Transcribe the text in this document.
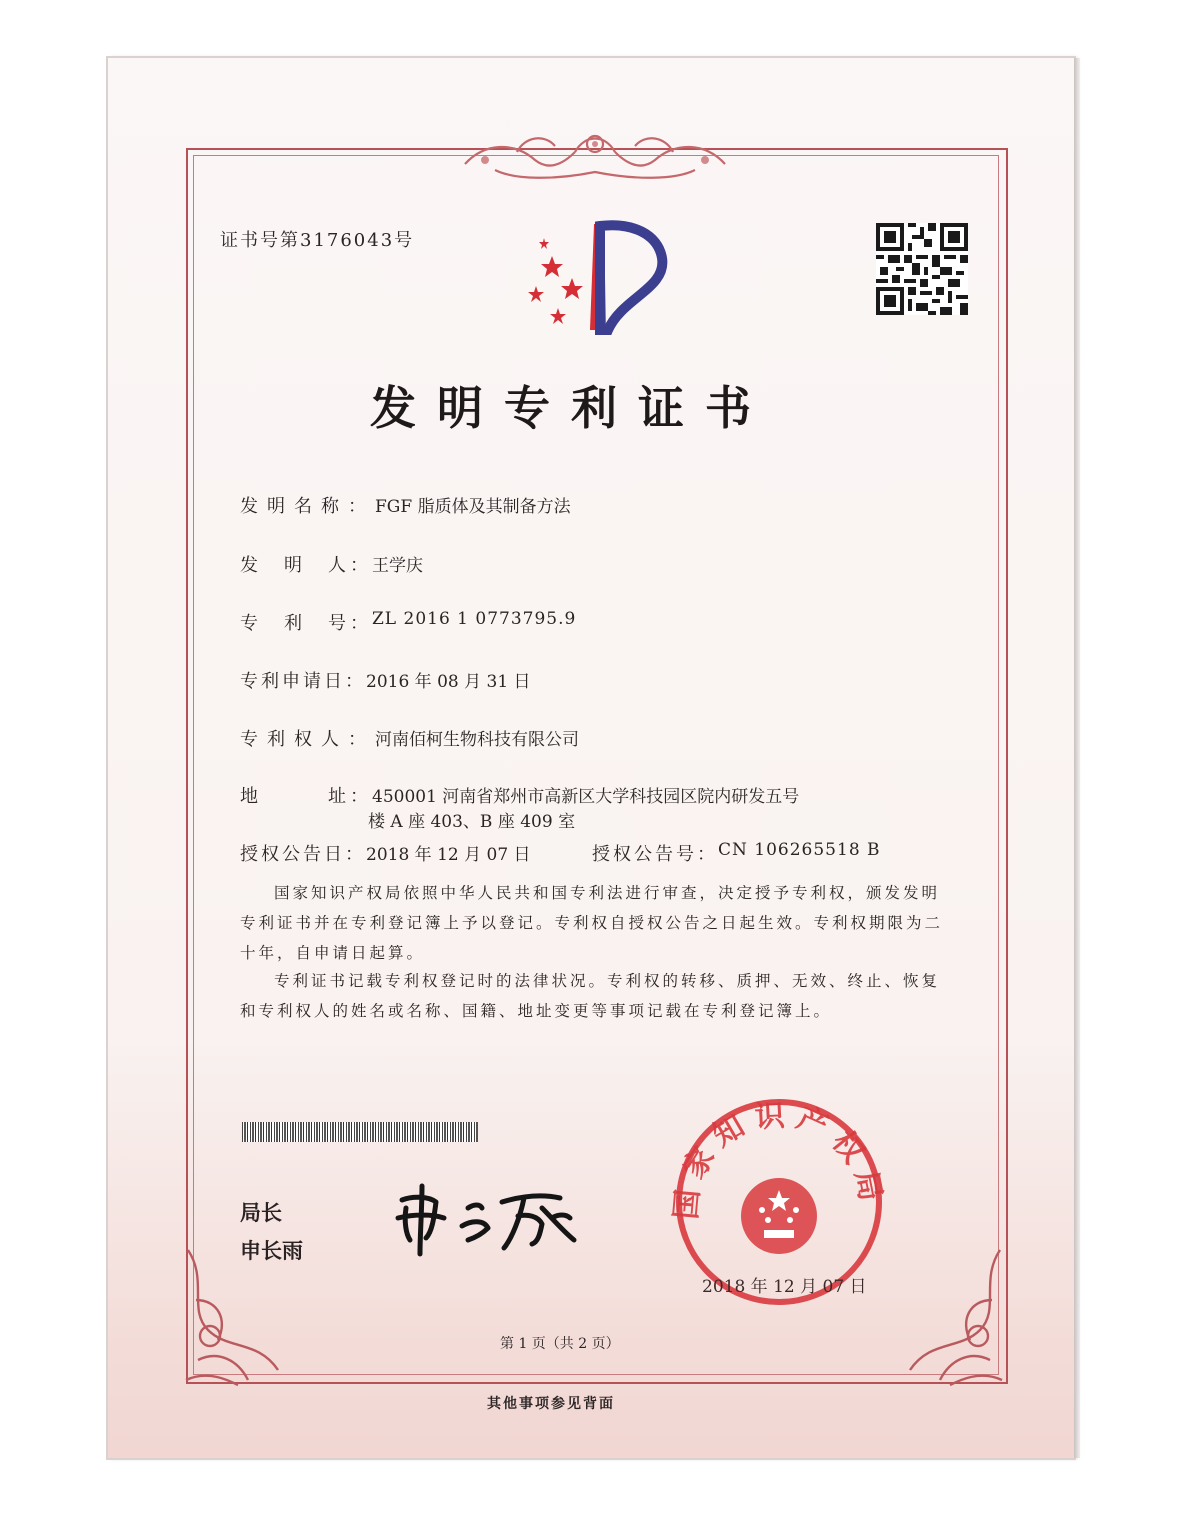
证书号第3176043号
发明专利证书
发明名称： FGF 脂质体及其制备方法
发　明　人： 王学庆
专　利　号： ZL 2016 1 0773795.9
专利申请日： 2016 年 08 月 31 日
专利权人： 河南佰柯生物科技有限公司
地　　　址： 450001 河南省郑州市高新区大学科技园区院内研发五号
楼 A 座 403、B 座 409 室
授权公告日： 2018 年 12 月 07 日	授权公告号： CN 106265518 B
国家知识产权局依照中华人民共和国专利法进行审查，决定授予专利权，颁发发明专利证书并在专利登记簿上予以登记。专利权自授权公告之日起生效。专利权期限为二十年，自申请日起算。
专利证书记载专利权登记时的法律状况。专利权的转移、质押、无效、终止、恢复和专利权人的姓名或名称、国籍、地址变更等事项记载在专利登记簿上。
局长
申长雨
国家知识产权局
2018 年 12 月 07 日
第 1 页（共 2 页）
其他事项参见背面
